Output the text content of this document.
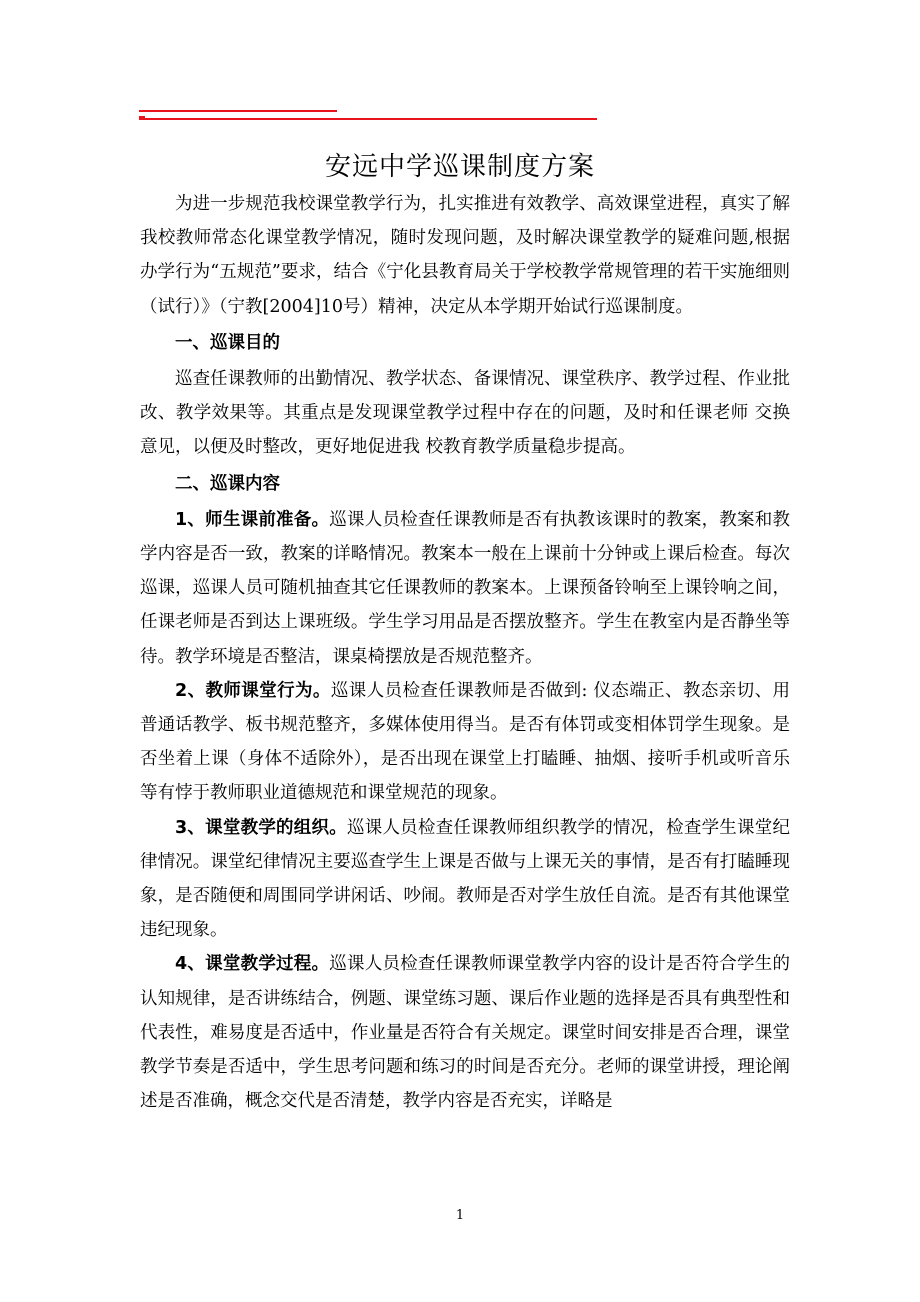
安远中学巡课制度方案

为进一步规范我校课堂教学行为，扎实推进有效教学、高效课堂进程，真实了解我校教师常态化课堂教学情况，随时发现问题，及时解决课堂教学的疑难问题,根据办学行为“五规范”要求，结合《宁化县教育局关于学校教学常规管理的若干实施细则（试行）》（宁教[2004]10号）精神，决定从本学期开始试行巡课制度。

一、巡课目的

巡查任课教师的出勤情况、教学状态、备课情况、课堂秩序、教学过程、作业批改、教学效果等。其重点是发现课堂教学过程中存在的问题，及时和任课老师 交换意见，以便及时整改，更好地促进我 校教育教学质量稳步提高。

二、巡课内容

1、师生课前准备。巡课人员检查任课教师是否有执教该课时的教案，教案和教学内容是否一致，教案的详略情况。教案本一般在上课前十分钟或上课后检查。每次巡课，巡课人员可随机抽查其它任课教师的教案本。上课预备铃响至上课铃响之间，任课老师是否到达上课班级。学生学习用品是否摆放整齐。学生在教室内是否静坐等待。教学环境是否整洁，课桌椅摆放是否规范整齐。

2、教师课堂行为。巡课人员检查任课教师是否做到: 仪态端正、教态亲切、用普通话教学、板书规范整齐，多媒体使用得当。是否有体罚或变相体罚学生现象。是否坐着上课（身体不适除外），是否出现在课堂上打瞌睡、抽烟、接听手机或听音乐等有悖于教师职业道德规范和课堂规范的现象。

3、课堂教学的组织。巡课人员检查任课教师组织教学的情况，检查学生课堂纪律情况。课堂纪律情况主要巡查学生上课是否做与上课无关的事情，是否有打瞌睡现象，是否随便和周围同学讲闲话、吵闹。教师是否对学生放任自流。是否有其他课堂违纪现象。

4、课堂教学过程。巡课人员检查任课教师课堂教学内容的设计是否符合学生的认知规律，是否讲练结合，例题、课堂练习题、课后作业题的选择是否具有典型性和代表性，难易度是否适中，作业量是否符合有关规定。课堂时间安排是否合理，课堂教学节奏是否适中，学生思考问题和练习的时间是否充分。老师的课堂讲授，理论阐述是否准确，概念交代是否清楚，教学内容是否充实，详略是

1
